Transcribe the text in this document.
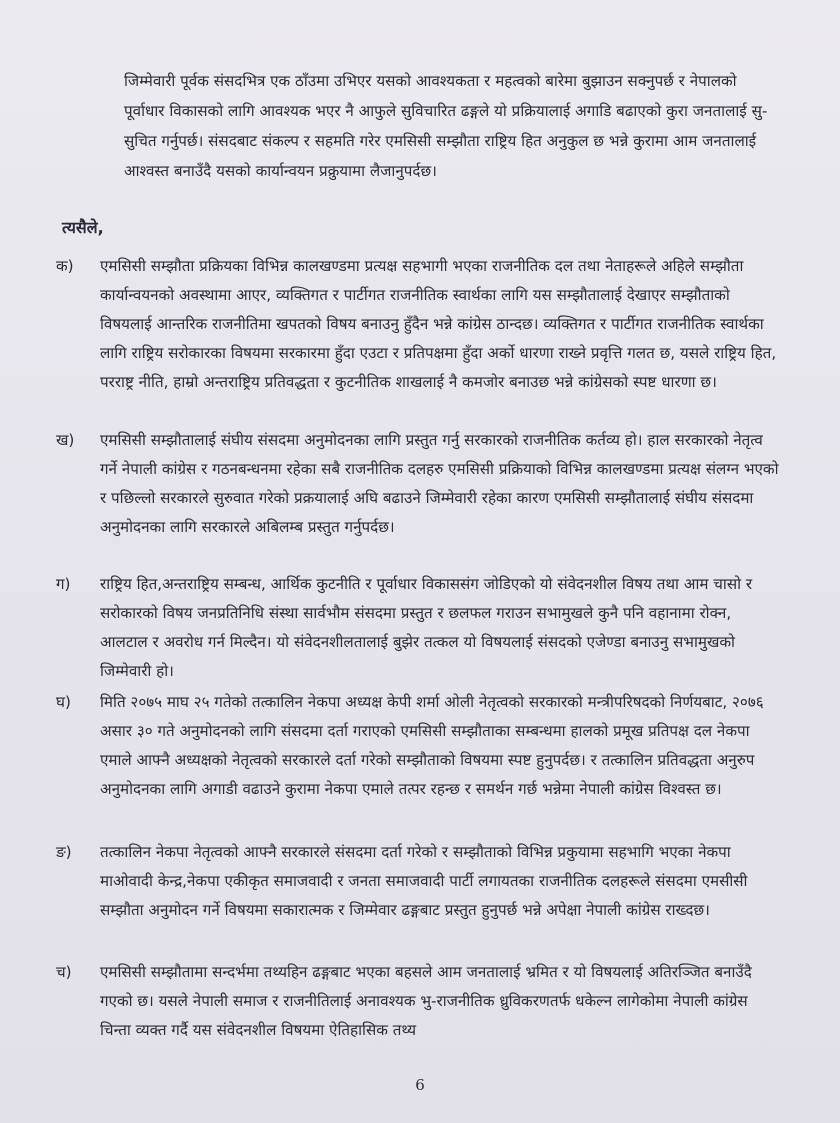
जिम्मेवारी पूर्वक संसदभित्र एक ठाँउमा उभिएर यसको आवश्यकता र महत्वको बारेमा बुझाउन सक्नुपर्छ र नेपालको पूर्वाधार विकासको लागि आवश्यक भएर नै आफुले सुविचारित ढङ्गले यो प्रक्रियालाई अगाडि बढाएको कुरा जनतालाई सु-सुचित गर्नुपर्छ। संसदबाट संकल्प र सहमति गरेर एमसिसी सम्झौता राष्ट्रिय हित अनुकुल छ भन्ने कुरामा आम जनतालाई आश्वस्त बनाउँदै यसको कार्यान्वयन प्रक्रुयामा लैजानुपर्दछ।

त्यसैले,

क)	एमसिसी सम्झौता प्रक्रियका विभिन्न कालखण्डमा प्रत्यक्ष सहभागी भएका राजनीतिक दल तथा नेताहरूले अहिले सम्झौता कार्यान्वयनको अवस्थामा आएर, व्यक्तिगत र पार्टीगत राजनीतिक स्वार्थका लागि यस सम्झौतालाई देखाएर सम्झौताको विषयलाई आन्तरिक राजनीतिमा खपतको विषय बनाउनु हुँदैन भन्ने कांग्रेस ठान्दछ। व्यक्तिगत र पार्टीगत राजनीतिक स्वार्थका लागि राष्ट्रिय सरोकारका विषयमा सरकारमा हुँदा एउटा र प्रतिपक्षमा हुँदा अर्को धारणा राख्ने प्रवृत्ति गलत छ, यसले राष्ट्रिय हित, परराष्ट्र नीति, हाम्रो अन्तराष्ट्रिय प्रतिवद्धता र कुटनीतिक शाखलाई नै कमजोर बनाउछ भन्ने कांग्रेसको स्पष्ट धारणा छ।

ख)	एमसिसी सम्झौतालाई संघीय संसदमा अनुमोदनका लागि प्रस्तुत गर्नु सरकारको राजनीतिक कर्तव्य हो। हाल सरकारको नेतृत्व गर्ने नेपाली कांग्रेस र गठनबन्धनमा रहेका सबै राजनीतिक दलहरु एमसिसी प्रक्रियाको विभिन्न कालखण्डमा प्रत्यक्ष संलग्न भएको र पछिल्लो सरकारले सुरुवात गरेको प्रक्रयालाई अघि बढाउने जिम्मेवारी रहेका कारण एमसिसी सम्झौतालाई संघीय संसदमा अनुमोदनका लागि सरकारले अबिलम्ब प्रस्तुत गर्नुपर्दछ।

ग)	राष्ट्रिय हित,अन्तराष्ट्रिय सम्बन्ध, आर्थिक कुटनीति र पूर्वाधार विकाससंग जोडिएको यो संवेदनशील विषय तथा आम चासो र सरोकारको विषय जनप्रतिनिधि संस्था सार्वभौम संसदमा प्रस्तुत र छलफल गराउन सभामुखले कुनै पनि वहानामा रोक्न, आलटाल र अवरोध गर्न मिल्दैन। यो संवेदनशीलतालाई बुझेर तत्कल यो विषयलाई संसदको एजेण्डा बनाउनु सभामुखको जिम्मेवारी हो।

घ)	मिति २०७५ माघ २५ गतेको तत्कालिन नेकपा अध्यक्ष केपी शर्मा ओली नेतृत्वको सरकारको मन्त्रीपरिषदको निर्णयबाट, २०७६ असार ३० गते अनुमोदनको लागि संसदमा दर्ता गराएको एमसिसी सम्झौताका सम्बन्धमा हालको प्रमूख प्रतिपक्ष दल नेकपा एमाले आफ्नै अध्यक्षको नेतृत्वको सरकारले दर्ता गरेको सम्झौताको विषयमा स्पष्ट हुनुपर्दछ। र तत्कालिन प्रतिवद्धता अनुरुप अनुमोदनका लागि अगाडी वढाउने कुरामा नेकपा एमाले तत्पर रहन्छ र समर्थन गर्छ भन्नेमा नेपाली कांग्रेस विश्वस्त छ।

ङ)	तत्कालिन नेकपा नेतृत्वको आफ्नै सरकारले संसदमा दर्ता गरेको र सम्झौताको विभिन्न प्रकुयामा सहभागि भएका नेकपा माओवादी केन्द्र,नेकपा एकीकृत समाजवादी र जनता समाजवादी पार्टी लगायतका राजनीतिक दलहरूले संसदमा एमसीसी सम्झौता अनुमोदन गर्ने विषयमा सकारात्मक र जिम्मेवार ढङ्गबाट प्रस्तुत हुनुपर्छ भन्ने अपेक्षा नेपाली कांग्रेस राख्दछ।

च)	एमसिसी सम्झौतामा सन्दर्भमा तथ्यहिन ढङ्गबाट भएका बहसले आम जनतालाई भ्रमित र यो विषयलाई अतिरञ्जित बनाउँदै गएको छ। यसले नेपाली समाज र राजनीतिलाई अनावश्यक भु-राजनीतिक ध्रुविकरणतर्फ धकेल्न लागेकोमा नेपाली कांग्रेस चिन्ता व्यक्त गर्दै यस संवेदनशील विषयमा ऐतिहासिक तथ्य

6
